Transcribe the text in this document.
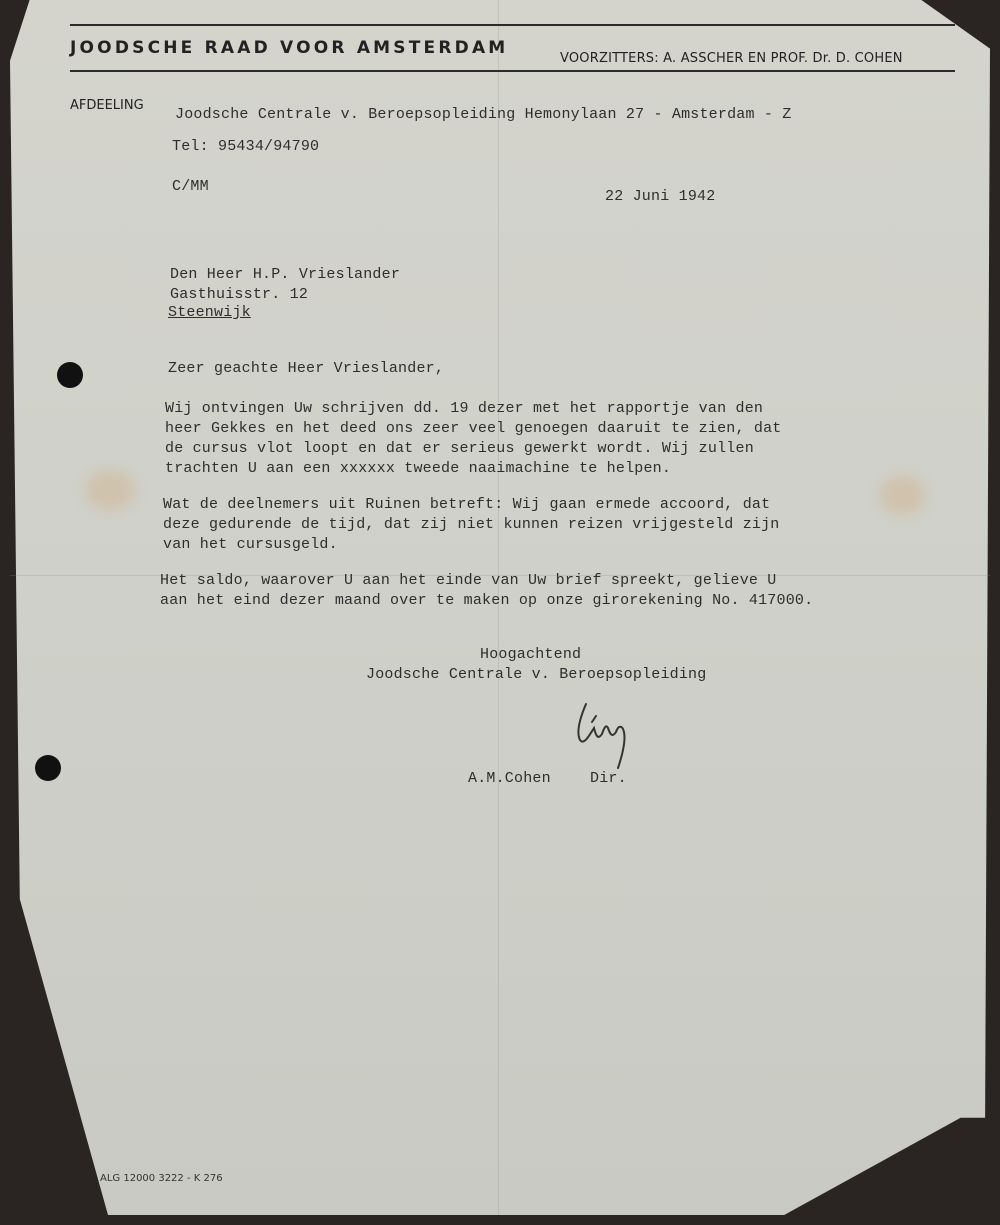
JOODSCHE RAAD VOOR AMSTERDAM
VOORZITTERS: A. ASSCHER EN PROF. Dr. D. COHEN
AFDEELING
Joodsche Centrale v. Beroepsopleiding Hemonylaan 27 - Amsterdam - Z
Tel: 95434/94790
C/MM
22 Juni 1942
Den Heer H.P. Vrieslander
Gasthuisstr. 12
Steenwijk
Zeer geachte Heer Vrieslander,
Wij ontvingen Uw schrijven dd. 19 dezer met het rapportje van den
heer Gekkes en het deed ons zeer veel genoegen daaruit te zien, dat
de cursus vlot loopt en dat er serieus gewerkt wordt. Wij zullen
trachten U aan een xxxxxx tweede naaimachine te helpen.
Wat de deelnemers uit Ruinen betreft: Wij gaan ermede accoord, dat
deze gedurende de tijd, dat zij niet kunnen reizen vrijgesteld zijn
van het cursusgeld.
Het saldo, waarover U aan het einde van Uw brief spreekt, gelieve U
aan het eind dezer maand over te maken op onze girorekening No. 417000.
Hoogachtend
Joodsche Centrale v. Beroepsopleiding
A.M.Cohen	Dir.
ALG 12000 3222 - K 276
